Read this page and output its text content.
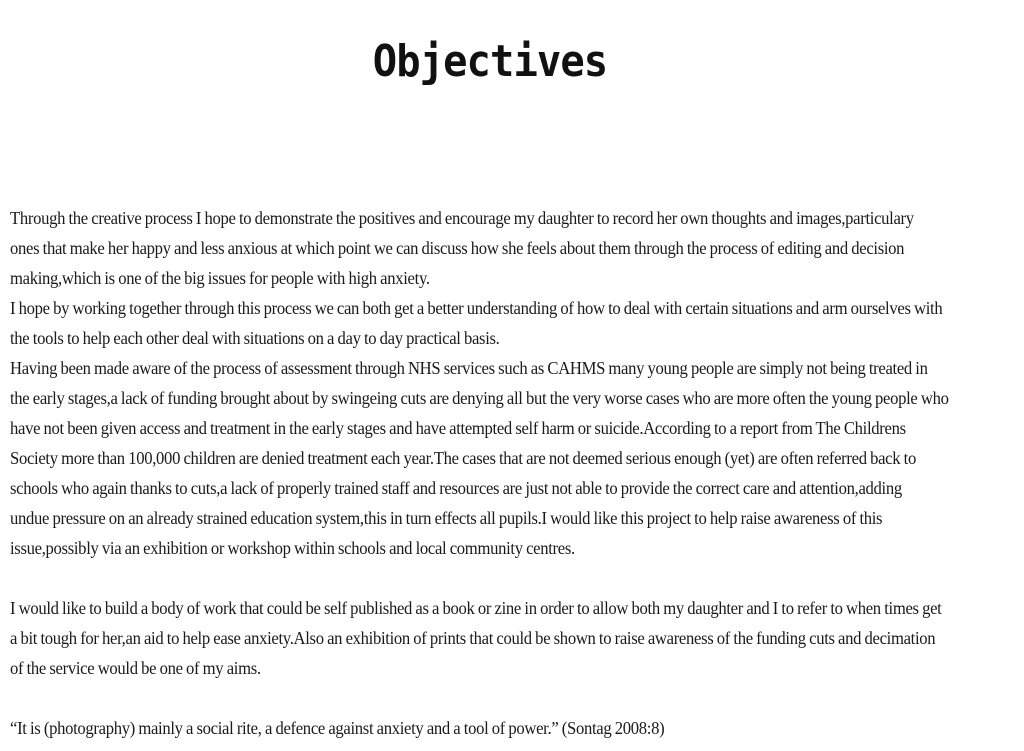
Objectives
Through the creative process I hope to demonstrate the positives and encourage my daughter to record her own thoughts and images,particulary
ones that make her happy and less anxious at which point we can discuss how she feels about them through the process of editing and decision
making,which is one of the big issues for people with high anxiety.
I hope by working together through this process we can both get a better understanding of how to deal with certain situations and arm ourselves with
the tools to help each other deal with situations on a day to day practical basis.
Having been made aware of the process of assessment through NHS services such as CAHMS many young people are simply not being treated in
the early stages,a lack of funding brought about by swingeing cuts are denying all but the very worse cases who are more often the young people who
have not been given access and treatment in the early stages and have attempted self harm or suicide.According to a report from The Childrens
Society more than 100,000 children are denied treatment each year.The cases that are not deemed serious enough (yet) are often referred back to
schools who again thanks to cuts,a lack of properly trained staff and resources are just not able to provide the correct care and attention,adding
undue pressure on an already strained education system,this in turn effects all pupils.I would like this project to help raise awareness of this
issue,possibly via an exhibition or workshop within schools and local community centres.
I would like to build a body of work that could be self published as a book or zine in order to allow both my daughter and I to refer to when times get
a bit tough for her,an aid to help ease anxiety.Also an exhibition of prints that could be shown to raise awareness of the funding cuts and decimation
of the service would be one of my aims.
“It is (photography) mainly a social rite, a defence against anxiety and a tool of power.” (Sontag 2008:8)
